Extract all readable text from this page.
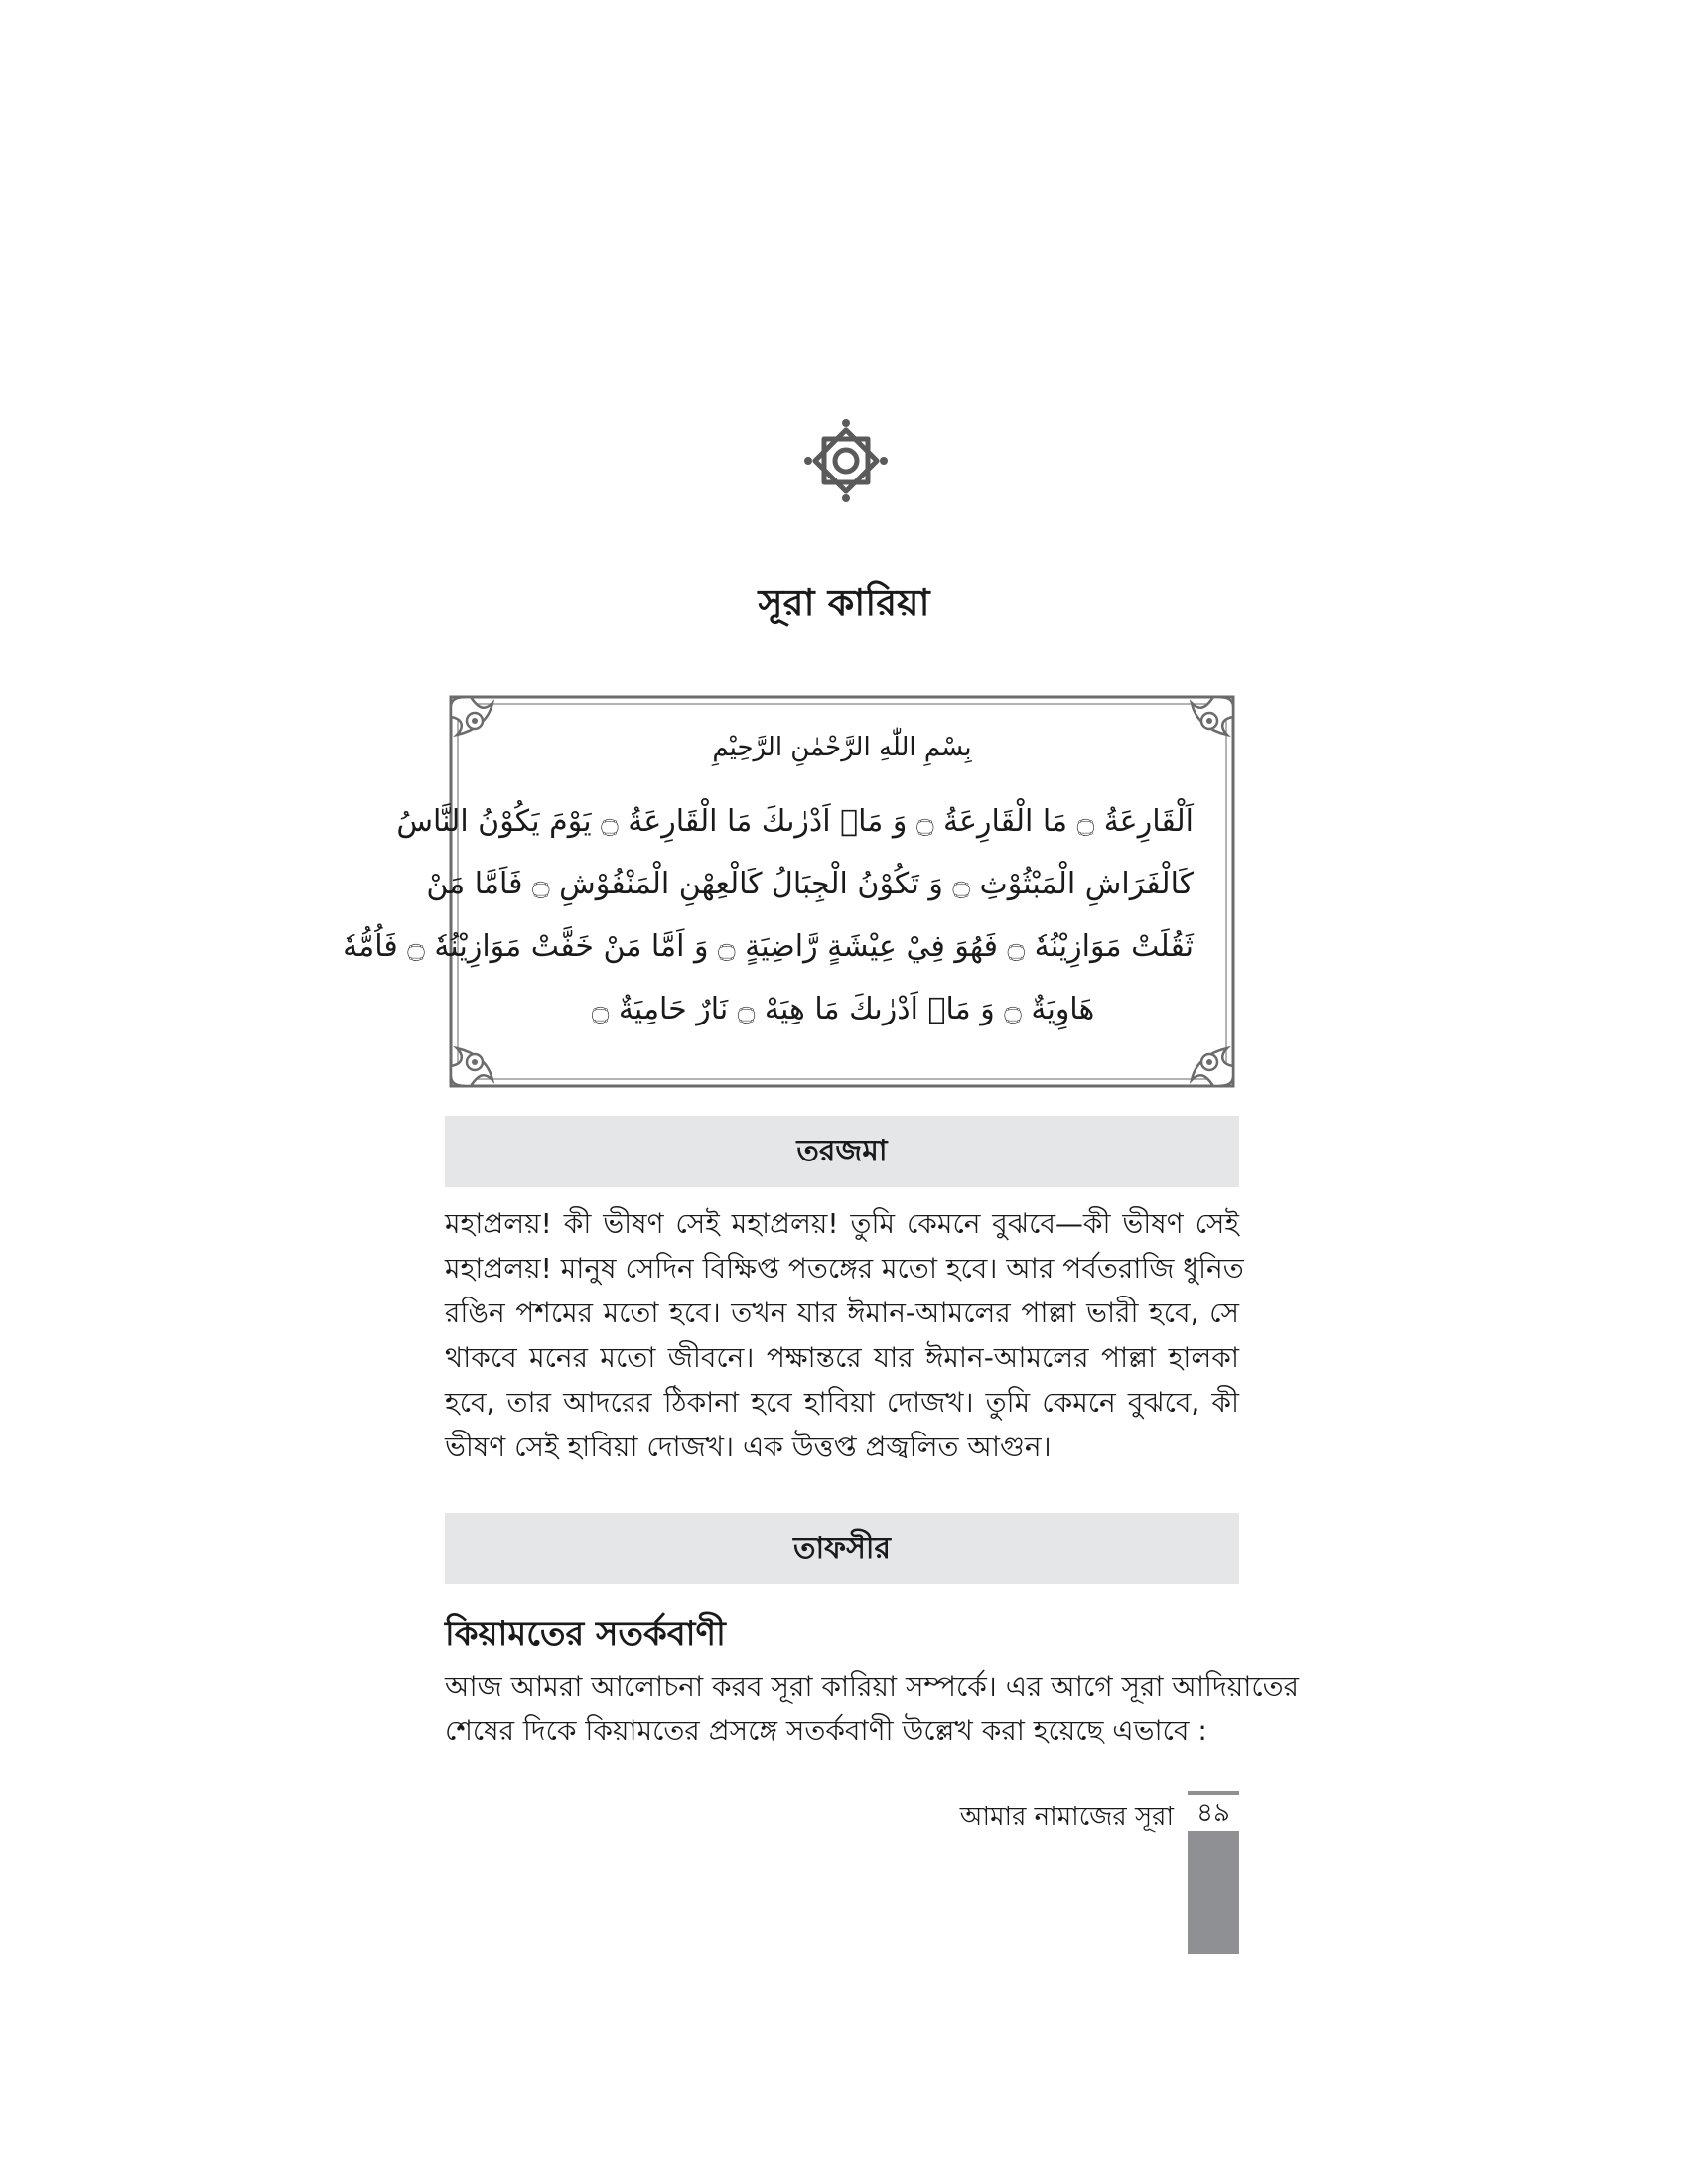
সূরা কারিয়া
بِسْمِ اللّٰهِ الرَّحْمٰنِ الرَّحِيْمِ
اَلْقَارِعَةُ ۝ مَا الْقَارِعَةُ ۝ وَ مَاۤ اَدْرٰىكَ مَا الْقَارِعَةُ ۝ يَوْمَ يَكُوْنُ النَّاسُ
كَالْفَرَاشِ الْمَبْثُوْثِ ۝ وَ تَكُوْنُ الْجِبَالُ كَالْعِهْنِ الْمَنْفُوْشِ ۝ فَاَمَّا مَنْ
ثَقُلَتْ مَوَازِيْنُهٗ ۝ فَهُوَ فِيْ عِيْشَةٍ رَّاضِيَةٍ ۝ وَ اَمَّا مَنْ خَفَّتْ مَوَازِيْنُهٗ ۝ فَاُمُّهٗ
هَاوِيَةٌ ۝ وَ مَاۤ اَدْرٰىكَ مَا هِيَهْ ۝ نَارٌ حَامِيَةٌ ۝
তরজমা
মহাপ্রলয়! কী ভীষণ সেই মহাপ্রলয়! তুমি কেমনে বুঝবে—কী ভীষণ সেই
মহাপ্রলয়! মানুষ সেদিন বিক্ষিপ্ত পতঙ্গের মতো হবে। আর পর্বতরাজি ধুনিত
রঙিন পশমের মতো হবে। তখন যার ঈমান-আমলের পাল্লা ভারী হবে, সে
থাকবে মনের মতো জীবনে। পক্ষান্তরে যার ঈমান-আমলের পাল্লা হালকা
হবে, তার আদরের ঠিকানা হবে হাবিয়া দোজখ। তুমি কেমনে বুঝবে, কী
ভীষণ সেই হাবিয়া দোজখ। এক উত্তপ্ত প্রজ্বলিত আগুন।
তাফসীর
কিয়ামতের সতর্কবাণী
আজ আমরা আলোচনা করব সূরা কারিয়া সম্পর্কে। এর আগে সূরা আদিয়াতের
শেষের দিকে কিয়ামতের প্রসঙ্গে সতর্কবাণী উল্লেখ করা হয়েছে এভাবে :
আমার নামাজের সূরা ৪৯
